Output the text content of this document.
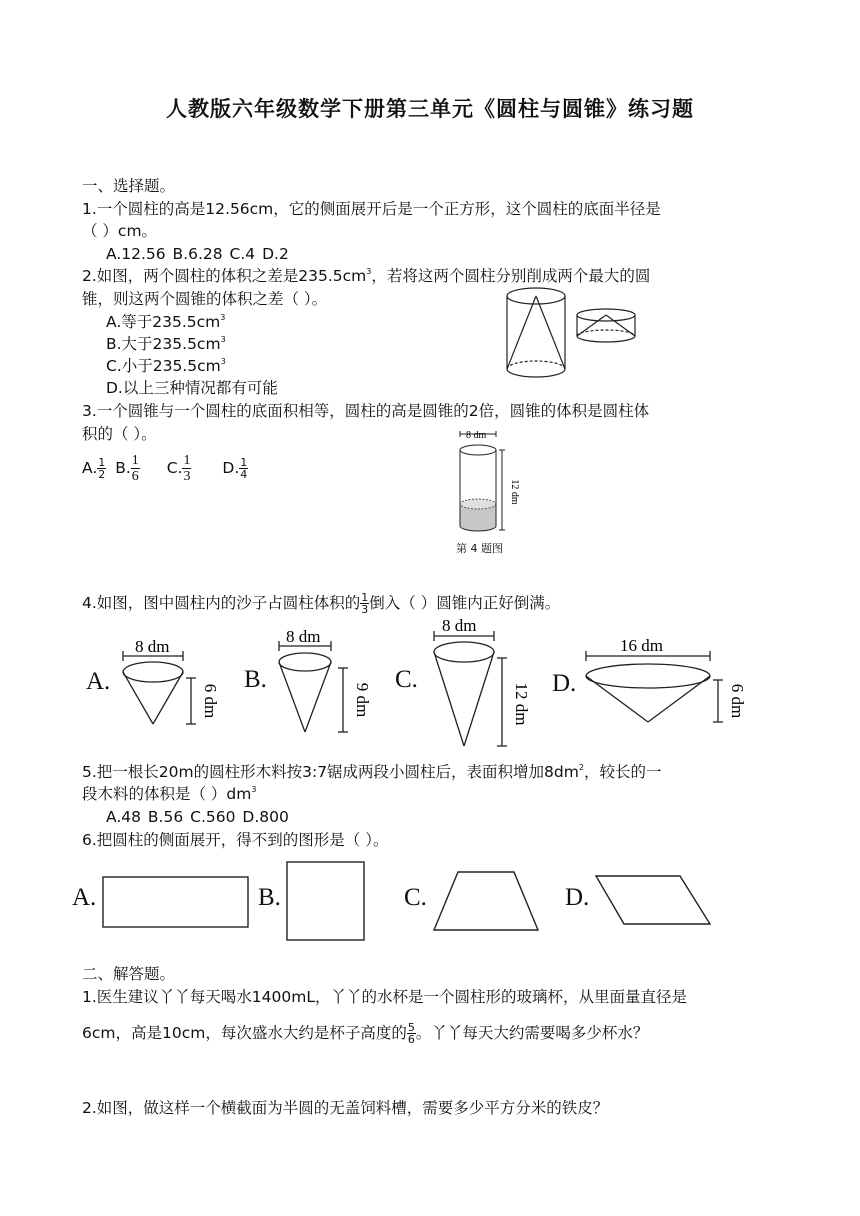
人教版六年级数学下册第三单元《圆柱与圆锥》练习题
一、选择题。
1.一个圆柱的高是12.56cm，它的侧面展开后是一个正方形，这个圆柱的底面半径是
（ ）cm。
A.12.56 B.6.28 C.4 D.2
2.如图，两个圆柱的体积之差是$235.5cm^3$，若将这两个圆柱分别削成两个最大的圆
锥，则这两个圆锥的体积之差（ ）。
A.等于$235.5cm^3$
B.大于$235.5cm^3$
C.小于$235.5cm^3$
D.以上三种情况都有可能
3.一个圆锥与一个圆柱的底面积相等，圆柱的高是圆锥的2倍，圆锥的体积是圆柱体
积的（ ）。
A. $\frac{1}{2} B$. $\frac{1}{6} C$. $\frac{1}{3} D$. $\frac{1}{4}$
8 dm
12 dm
第 4 题图
4.如图，图中圆柱内的沙子占圆柱体积的 $\frac{1}{3}$ 倒入（ ）圆锥内正好倒满。
A.
8 dm
6 dm
B.
8 dm
9 dm
C.
8 dm
12 dm D.
16 dm
6 dm
5.把一根长20m的圆柱形木料按3:7锯成两段小圆柱后，表面积增加$8dm^2$，较长的一
段木料的体积是（ ）$dm^3$
A.48 B.56 C.560 D.800
6.把圆柱的侧面展开，得不到的图形是（ ）。
A.	B.	C.	D.
二、解答题。
1.医生建议丫丫每天喝水1400mL，丫丫的水杯是一个圆柱形的玻璃杯，从里面量直径是
6cm，高是10cm，每次盛水大约是杯子高度的 $\frac{5}{6}$ 。丫丫每天大约需要喝多少杯水？
2.如图，做这样一个横截面为半圆的无盖饲料槽，需要多少平方分米的铁皮？
